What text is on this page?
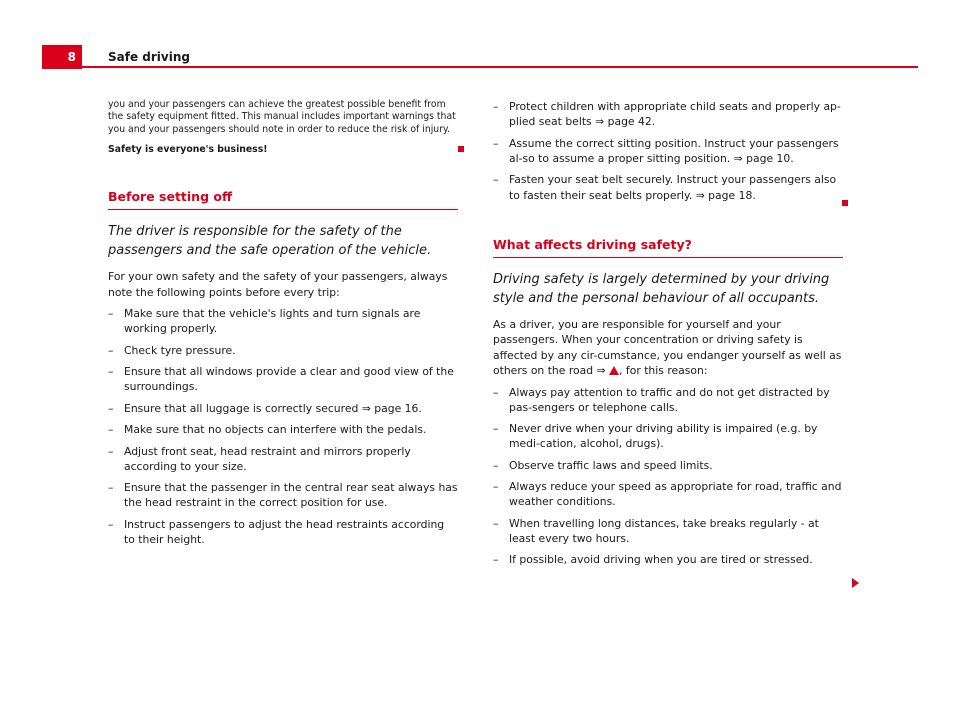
8	Safe driving

you and your passengers can achieve the greatest possible benefit from the safety equipment fitted. This manual includes important warnings that you and your passengers should note in order to reduce the risk of injury.

Safety is everyone's business!

Before setting off

The driver is responsible for the safety of the passengers and the safe operation of the vehicle.

For your own safety and the safety of your passengers, always note the following points before every trip:

– Make sure that the vehicle's lights and turn signals are working properly.
– Check tyre pressure.
– Ensure that all windows provide a clear and good view of the surroundings.
– Ensure that all luggage is correctly secured ⇒ page 16.
– Make sure that no objects can interfere with the pedals.
– Adjust front seat, head restraint and mirrors properly according to your size.
– Ensure that the passenger in the central rear seat always has the head restraint in the correct position for use.
– Instruct passengers to adjust the head restraints according to their height.
– Protect children with appropriate child seats and properly ap-plied seat belts ⇒ page 42.
– Assume the correct sitting position. Instruct your passengers al-so to assume a proper sitting position. ⇒ page 10.
– Fasten your seat belt securely. Instruct your passengers also to fasten their seat belts properly. ⇒ page 18.
What affects driving safety?

Driving safety is largely determined by your driving style and the personal behaviour of all occupants.

As a driver, you are responsible for yourself and your passengers. When your concentration or driving safety is affected by any cir-cumstance, you endanger yourself as well as others on the road ⇒ , for this reason:

– Always pay attention to traffic and do not get distracted by pas-sengers or telephone calls.
– Never drive when your driving ability is impaired (e.g. by medi-cation, alcohol, drugs).
– Observe traffic laws and speed limits.
– Always reduce your speed as appropriate for road, traffic and weather conditions.
– When travelling long distances, take breaks regularly - at least every two hours.
– If possible, avoid driving when you are tired or stressed.
